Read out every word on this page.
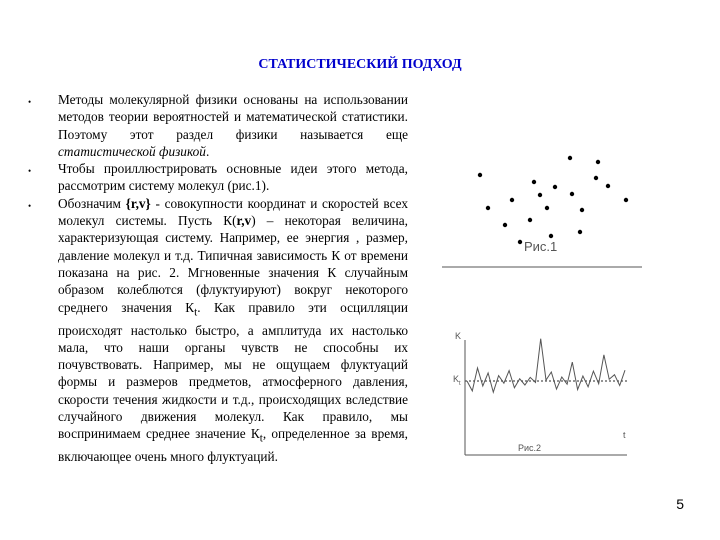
СТАТИСТИЧЕСКИЙ ПОДХОД
•	Методы молекулярной физики основаны на использовании методов теории вероятностей и математической статистики. Поэтому этот раздел физики называется еще статистической физикой.
•	Чтобы проиллюстрировать основные идеи этого метода, рассмотрим систему молекул (рис.1).
•	Обозначим {r,v} - совокупности координат и скоростей всех молекул системы. Пусть К(r,v) – некоторая величина, характеризующая систему. Например, ее энергия , размер, давление молекул и т.д. Типичная зависимость К от времени показана на рис. 2. Мгновенные значения К случайным образом колеблются (флуктуируют) вокруг некоторого среднего значения $К_t$. Как правило эти осцилляции происходят настолько быстро, а амплитуда их настолько мала, что наши органы чувств не способны их почувствовать. Например, мы не ощущаем флуктуаций формы и размеров предметов, атмосферного давления, скорости течения жидкости и т.д., происходящих вследствие случайного движения молекул. Как правило, мы воспринимаем среднее значение $К_t$, определенное за время, включающее очень много флуктуаций.
Рис.1
K
$K_t$
t
Рис.2
5
